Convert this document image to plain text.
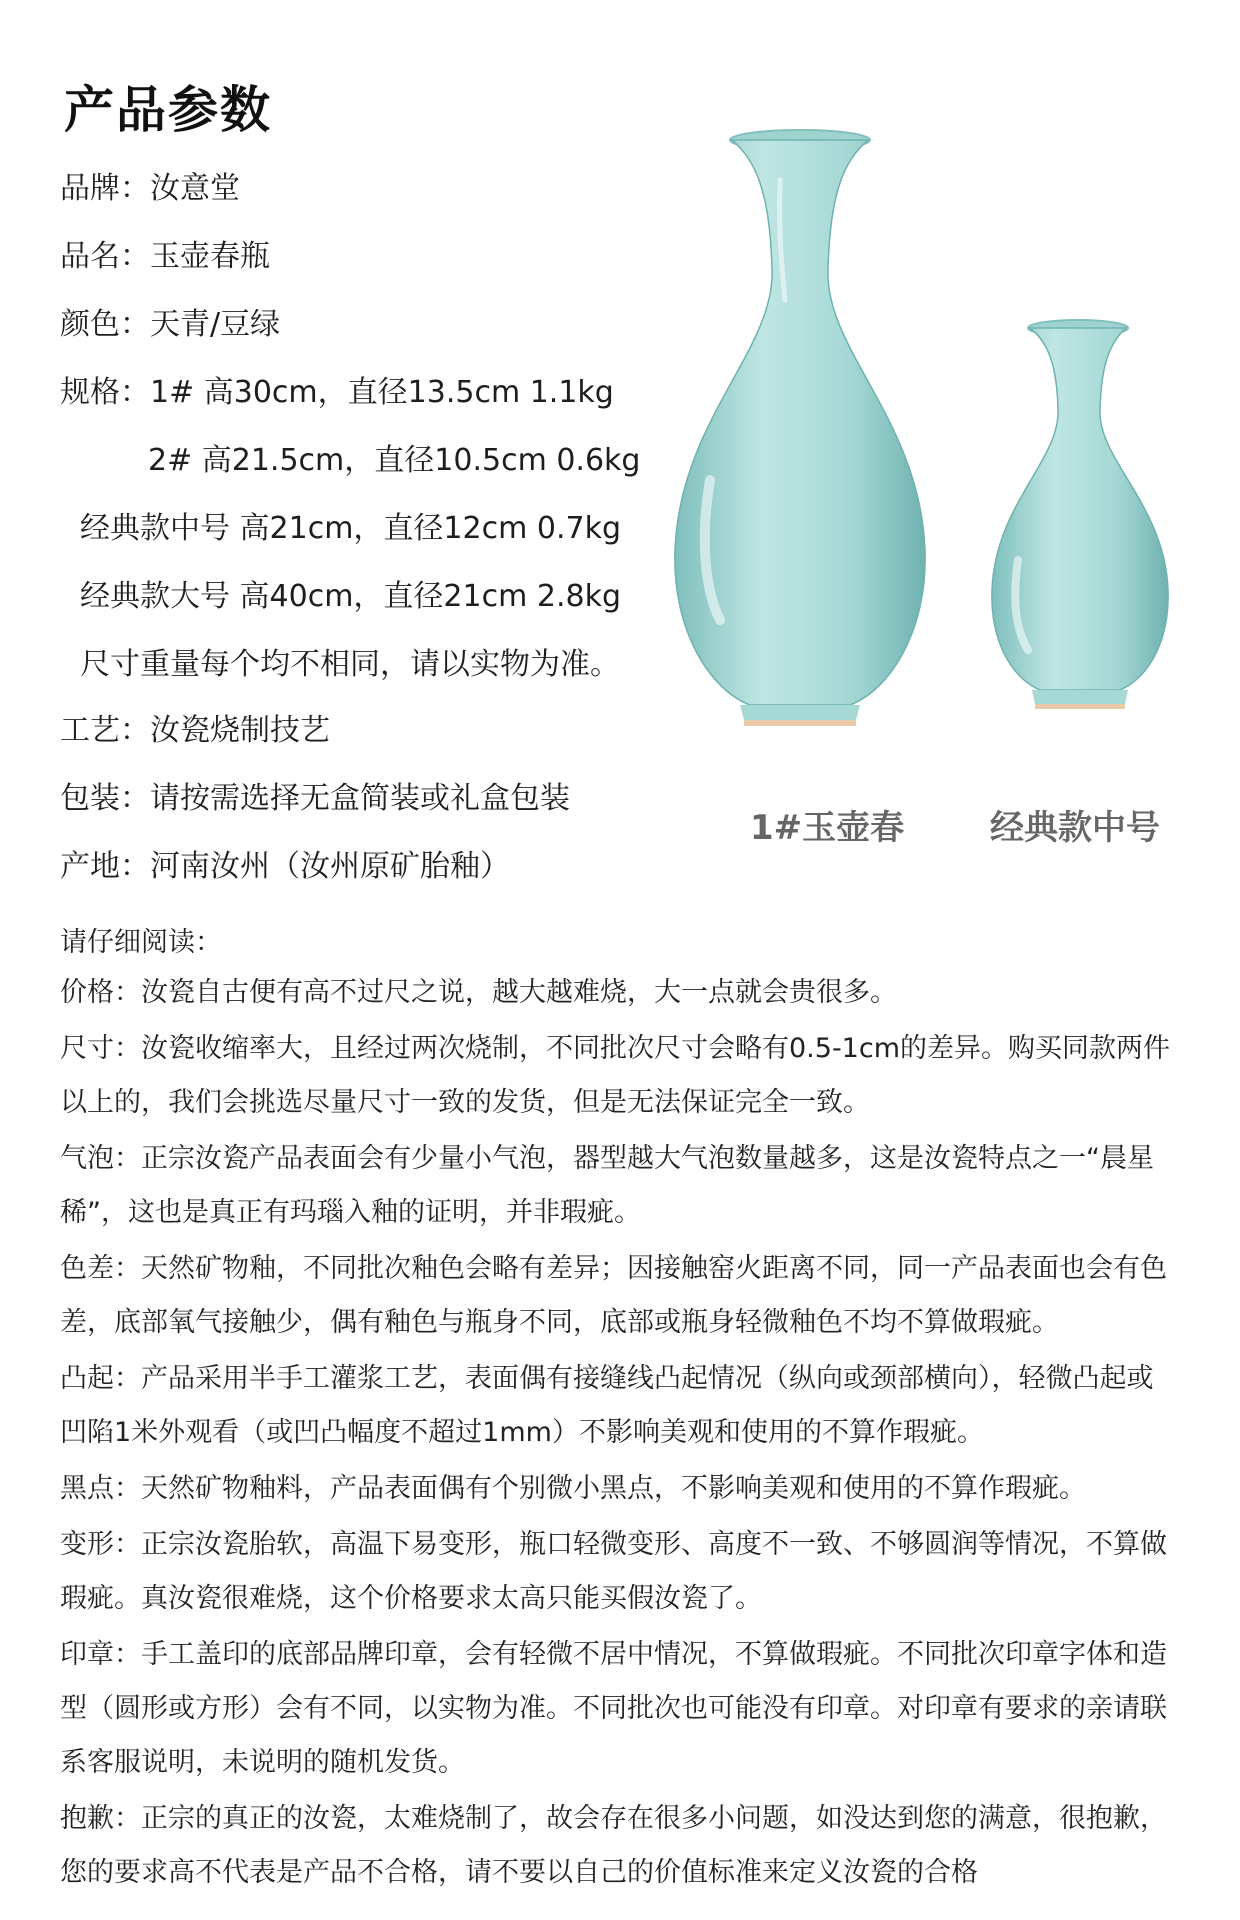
产品参数
品牌：汝意堂
品名：玉壶春瓶
颜色：天青/豆绿
规格：1# 高30cm，直径13.5cm 1.1kg
2# 高21.5cm，直径10.5cm 0.6kg
经典款中号 高21cm，直径12cm 0.7kg
经典款大号 高40cm，直径21cm 2.8kg
尺寸重量每个均不相同，请以实物为准。
工艺：汝瓷烧制技艺
包装：请按需选择无盒简装或礼盒包装
产地：河南汝州（汝州原矿胎釉）
1#玉壶春	经典款中号
请仔细阅读：
价格：汝瓷自古便有高不过尺之说，越大越难烧，大一点就会贵很多。
尺寸：汝瓷收缩率大，且经过两次烧制，不同批次尺寸会略有0.5-1cm的差异。购买同款两件以上的，我们会挑选尽量尺寸一致的发货，但是无法保证完全一致。
气泡：正宗汝瓷产品表面会有少量小气泡，器型越大气泡数量越多，这是汝瓷特点之一“晨星稀”，这也是真正有玛瑙入釉的证明，并非瑕疵。
色差：天然矿物釉，不同批次釉色会略有差异；因接触窑火距离不同，同一产品表面也会有色差，底部氧气接触少，偶有釉色与瓶身不同，底部或瓶身轻微釉色不均不算做瑕疵。
凸起：产品采用半手工灌浆工艺，表面偶有接缝线凸起情况（纵向或颈部横向），轻微凸起或凹陷1米外观看（或凹凸幅度不超过1mm）不影响美观和使用的不算作瑕疵。
黑点：天然矿物釉料，产品表面偶有个别微小黑点，不影响美观和使用的不算作瑕疵。
变形：正宗汝瓷胎软，高温下易变形，瓶口轻微变形、高度不一致、不够圆润等情况，不算做瑕疵。真汝瓷很难烧，这个价格要求太高只能买假汝瓷了。
印章：手工盖印的底部品牌印章，会有轻微不居中情况，不算做瑕疵。不同批次印章字体和造型（圆形或方形）会有不同，以实物为准。不同批次也可能没有印章。对印章有要求的亲请联系客服说明，未说明的随机发货。
抱歉：正宗的真正的汝瓷，太难烧制了，故会存在很多小问题，如没达到您的满意，很抱歉，您的要求高不代表是产品不合格，请不要以自己的价值标准来定义汝瓷的合格
